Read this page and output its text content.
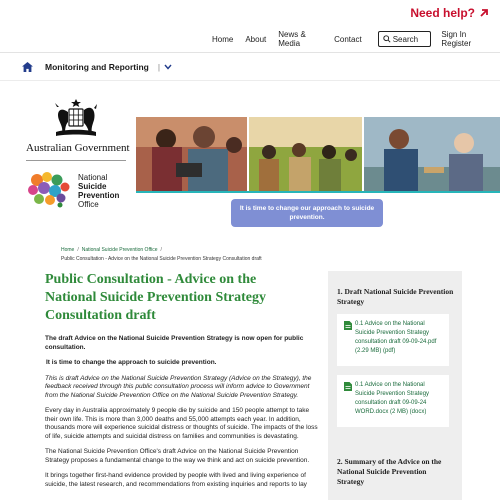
Need help?
Home About News & Media	Contact	Search	Sign In Register
Monitoring and Reporting |
Australian Government
National
Suicide
Prevention
Office	It is time to change our approach to suicide prevention.
Home / National Suicide Prevention Office /
Public Consultation - Advice on the National Suicide Prevention Strategy Consultation draft
Public Consultation - Advice on the National Suicide Prevention Strategy Consultation draft

The draft Advice on the National Suicide Prevention Strategy is now open for public consultation.

It is time to change the approach to suicide prevention.

This is draft Advice on the National Suicide Prevention Strategy (Advice on the Strategy), the feedback received through this public consultation process will inform advice to Government from the National Suicide Prevention Office on the National Suicide Prevention Strategy.

Every day in Australia approximately 9 people die by suicide and 150 people attempt to take their own life. This is more than 3,000 deaths and 55,000 attempts each year. In addition, thousands more will experience suicidal distress or thoughts of suicide. The impacts of the loss of life, suicide attempts and suicidal distress on families and communities is devastating.

The National Suicide Prevention Office's draft Advice on the National Suicide Prevention Strategy proposes a fundamental change to the way we think and act on suicide prevention.

It brings together first-hand evidence provided by people with lived and living experience of suicide, the latest research, and recommendations from existing inquiries and reports to lay

1. Draft National Suicide Prevention Strategy
0.1 Advice on the National Suicide Prevention Strategy consultation draft 09-09-24.pdf (2.29 MB) (pdf)
0.1 Advice on the National Suicide Prevention Strategy consultation draft 09-09-24 WORD.docx (2 MB) (docx)
2. Summary of the Advice on the National Suicide Prevention Strategy
